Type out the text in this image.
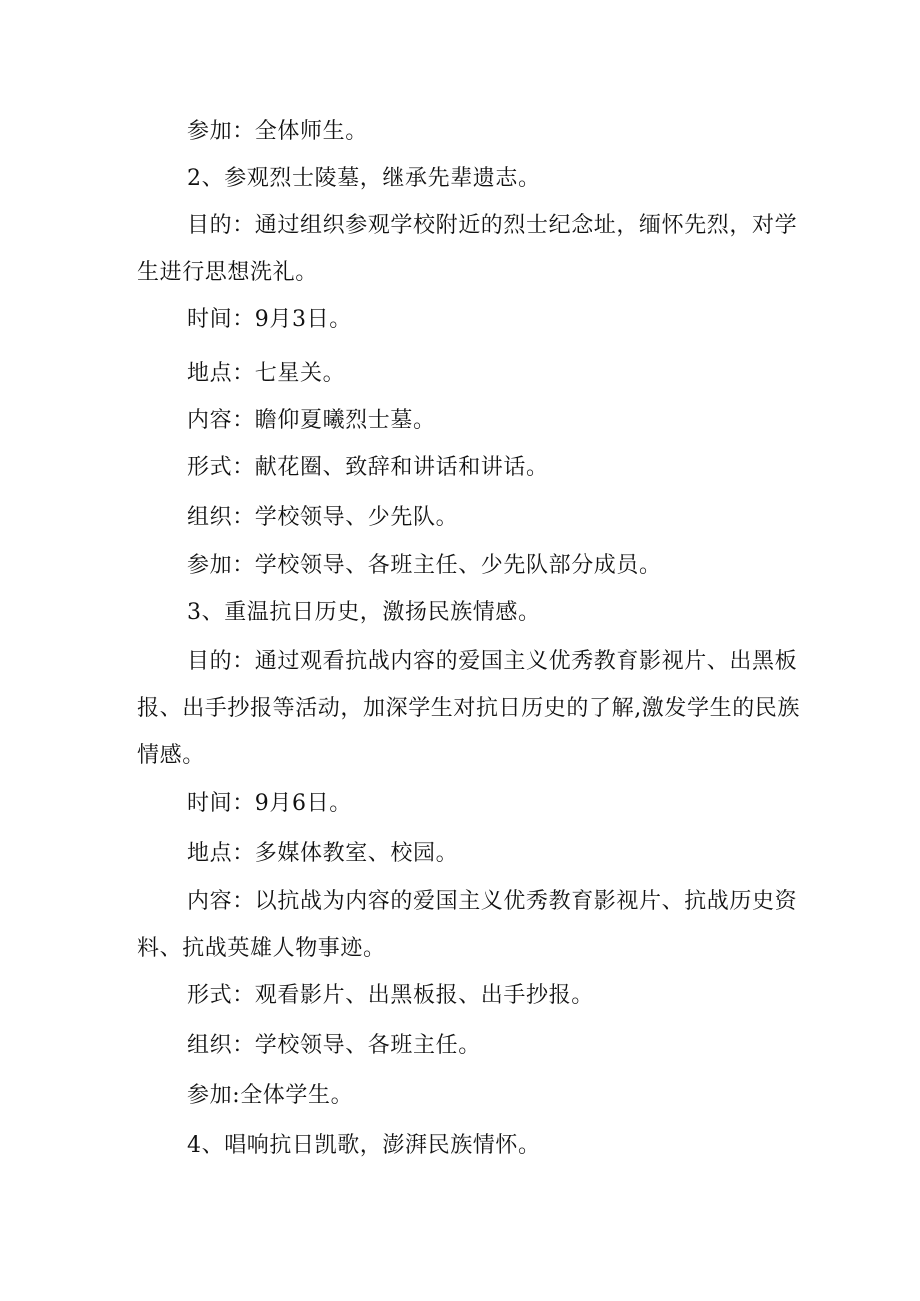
参加：全体师生。

2、参观烈士陵墓，继承先辈遗志。

目的：通过组织参观学校附近的烈士纪念址，缅怀先烈，对学生进行思想洗礼。

时间：9月3日。

地点：七星关。

内容：瞻仰夏曦烈士墓。

形式：献花圈、致辞和讲话和讲话。

组织：学校领导、少先队。

参加：学校领导、各班主任、少先队部分成员。

3、重温抗日历史，激扬民族情感。

目的：通过观看抗战内容的爱国主义优秀教育影视片、出黑板报、出手抄报等活动，加深学生对抗日历史的了解,激发学生的民族情感。

时间：9月6日。

地点：多媒体教室、校园。

内容：以抗战为内容的爱国主义优秀教育影视片、抗战历史资料、抗战英雄人物事迹。

形式：观看影片、出黑板报、出手抄报。

组织：学校领导、各班主任。

参加:全体学生。

4、唱响抗日凯歌，澎湃民族情怀。
